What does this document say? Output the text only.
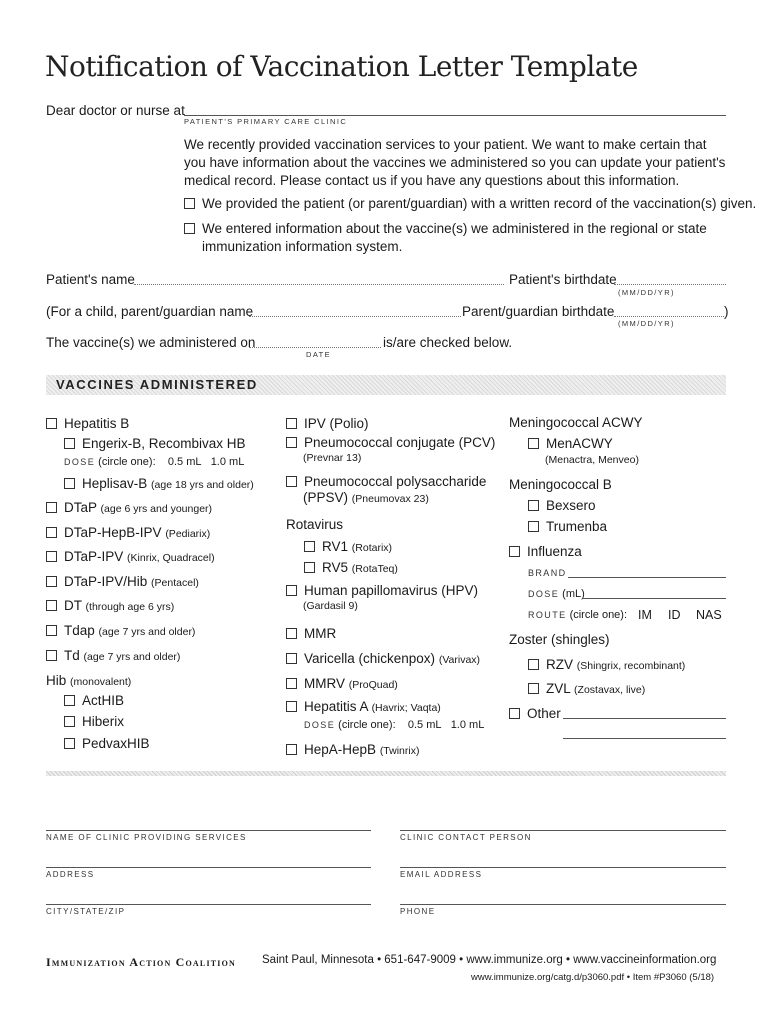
Notification of Vaccination Letter Template
Dear doctor or nurse at
PATIENT'S PRIMARY CARE CLINIC
We recently provided vaccination services to your patient. We want to make certain that you have information about the vaccines we administered so you can update your patient's medical record. Please contact us if you have any questions about this information.
We provided the patient (or parent/guardian) with a written record of the vaccination(s) given.
We entered information about the vaccine(s) we administered in the regional or state immunization information system.
Patient's name	Patient's birthdate
(MM/DD/YR)
(For a child, parent/guardian name	Parent/guardian birthdate	)
(MM/DD/YR)
The vaccine(s) we administered on
DATE
is/are checked below.
VACCINES ADMINISTERED
Hepatitis B
Engerix-B, Recombivax HB
DOSE (circle one): 0.5 mL 1.0 mL
Heplisav-B (age 18 yrs and older)
DTaP (age 6 yrs and younger)
DTaP-HepB-IPV (Pediarix)
DTaP-IPV (Kinrix, Quadracel)
DTaP-IPV/Hib (Pentacel)
DT (through age 6 yrs)
Tdap (age 7 yrs and older)
Td (age 7 yrs and older)
Hib (monovalent)
ActHIB
Hiberix
PedvaxHIB
IPV (Polio)
Pneumococcal conjugate (PCV)
(Prevnar 13)
Pneumococcal polysaccharide
(PPSV) (Pneumovax 23)
Rotavirus
RV1 (Rotarix)
RV5 (RotaTeq)
Human papillomavirus (HPV)
(Gardasil 9)
MMR
Varicella (chickenpox) (Varivax)
MMRV (ProQuad)
Hepatitis A (Havrix; Vaqta)
DOSE (circle one): 0.5 mL 1.0 mL
HepA-HepB (Twinrix)
Meningococcal ACWY
MenACWY
(Menactra, Menveo)
Meningococcal B
Bexsero
Trumenba
Influenza
BRAND
DOSE (mL)
ROUTE (circle one): IM ID NAS
Zoster (shingles)
RZV (Shingrix, recombinant)
ZVL (Zostavax, live)
Other
NAME OF CLINIC PROVIDING SERVICES	CLINIC CONTACT PERSON
ADDRESS	EMAIL ADDRESS
CITY/STATE/ZIP	PHONE
Immunization Action Coalition Saint Paul, Minnesota • 651-647-9009 • www.immunize.org • www.vaccineinformation.org
www.immunize.org/catg.d/p3060.pdf • Item #P3060 (5/18)
